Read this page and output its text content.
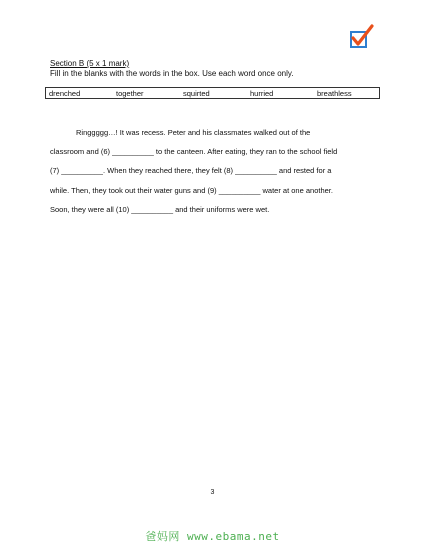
Section B (5 x 1 mark)
Fill in the blanks with the words in the box. Use each word once only.
drenched	together	squirted	hurried	breathless
Ringgggg…! It was recess. Peter and his classmates walked out of the
classroom and (6) __________ to the canteen. After eating, they ran to the school field
(7) __________. When they reached there, they felt (8) __________ and rested for a
while. Then, they took out their water guns and (9) __________ water at one another.
Soon, they were all (10) __________ and their uniforms were wet.
3
爸妈网 www.ebama.net
